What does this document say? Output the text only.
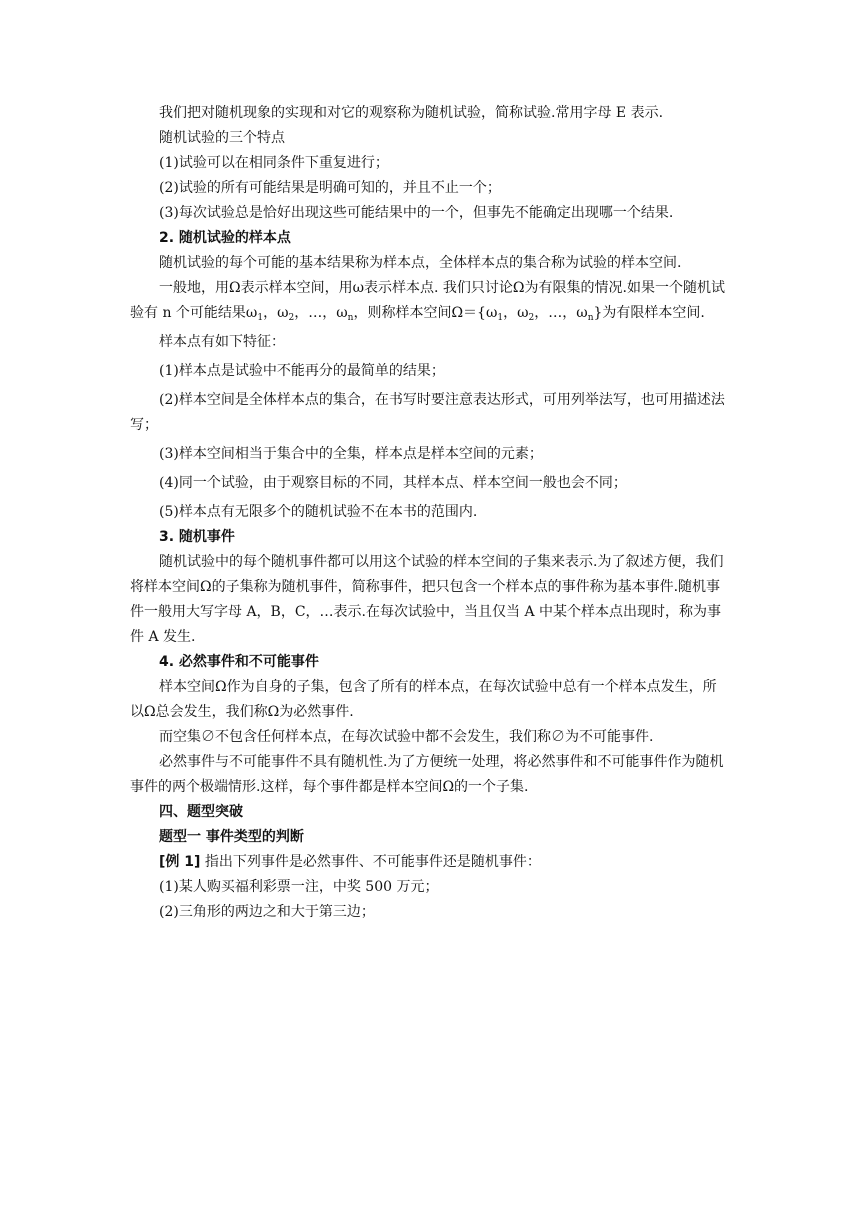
我们把对随机现象的实现和对它的观察称为随机试验，简称试验.常用字母 E 表示.

随机试验的三个特点

(1)试验可以在相同条件下重复进行；

(2)试验的所有可能结果是明确可知的，并且不止一个；

(3)每次试验总是恰好出现这些可能结果中的一个，但事先不能确定出现哪一个结果.

2. 随机试验的样本点

随机试验的每个可能的基本结果称为样本点，全体样本点的集合称为试验的样本空间.

一般地，用Ω表示样本空间，用ω表示样本点. 我们只讨论Ω为有限集的情况.如果一个随机试验有 n 个可能结果$\omega_1$，$\omega_2$，…，$\omega_n$，则称样本空间$\Omega=\{\omega_1$，$\omega_2$，…，$\omega_n$}为有限样本空间.

样本点有如下特征：

(1)样本点是试验中不能再分的最简单的结果；

(2)样本空间是全体样本点的集合，在书写时要注意表达形式，可用列举法写，也可用描述法写；

(3)样本空间相当于集合中的全集，样本点是样本空间的元素；

(4)同一个试验，由于观察目标的不同，其样本点、样本空间一般也会不同；

(5)样本点有无限多个的随机试验不在本书的范围内.

3. 随机事件

随机试验中的每个随机事件都可以用这个试验的样本空间的子集来表示.为了叙述方便，我们将样本空间Ω的子集称为随机事件，简称事件，把只包含一个样本点的事件称为基本事件.随机事件一般用大写字母 A，B，C，…表示.在每次试验中，当且仅当 A 中某个样本点出现时，称为事件 A 发生.

4. 必然事件和不可能事件

样本空间Ω作为自身的子集，包含了所有的样本点，在每次试验中总有一个样本点发生，所以Ω总会发生，我们称Ω为必然事件.

而空集∅不包含任何样本点，在每次试验中都不会发生，我们称∅为不可能事件.

必然事件与不可能事件不具有随机性.为了方便统一处理，将必然事件和不可能事件作为随机事件的两个极端情形.这样，每个事件都是样本空间Ω的一个子集.

四、题型突破

题型一 事件类型的判断

[例 1] 指出下列事件是必然事件、不可能事件还是随机事件：

(1)某人购买福利彩票一注，中奖 500 万元；

(2)三角形的两边之和大于第三边；
